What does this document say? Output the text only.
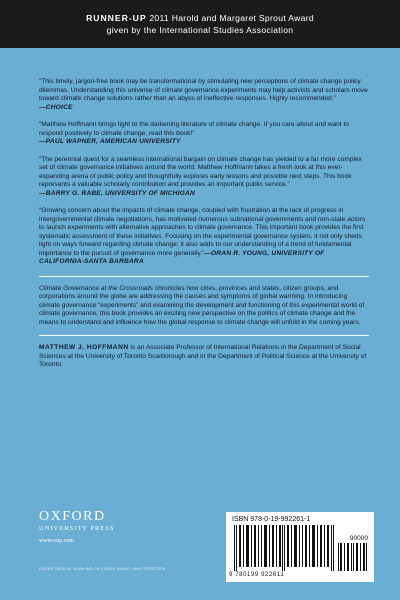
RUNNER-UP 2011 Harold and Margaret Sprout Award
given by the International Studies Association
“This timely, jargon-free book may be transformational by stimulating new perceptions of climate change policy dilemmas. Understanding this universe of climate governance experiments may help activists and scholars move toward climate change solutions rather than an abyss of ineffective responses. Highly recommended.”
—CHOICE
“Matthew Hoffmann brings light to the darkening literature of climate change. If you care about and want to respond positively to climate change, read this book!”
—PAUL WAPNER, AMERICAN UNIVERSITY
“The perennial quest for a seamless international bargain on climate change has yielded to a far more complex set of climate governance initiatives around the world. Matthew Hoffmann takes a fresh look at this ever-expanding arena of public policy and thoughtfully explores early lessons and possible next steps. This book represents a valuable scholarly contribution and provides an important public service.”
—BARRY G. RABE, UNIVERSITY OF MICHIGAN
“Growing concern about the impacts of climate change, coupled with frustration at the lack of progress in intergovernmental climate negotiations, has motivated numerous subnational governments and non-state actors to launch experiments with alternative approaches to climate governance. This important book provides the first systematic assessment of these initiatives. Focusing on the experimental governance system, it not only sheds light on ways forward regarding climate change; it also adds to our understanding of a trend of fundamental importance to the pursuit of governance more generally.”—ORAN R. YOUNG, UNIVERSITY OF CALIFORNIA-SANTA BARBARA
Climate Governance at the Crossroads chronicles how cities, provinces and states, citizen groups, and corporations around the globe are addressing the causes and symptoms of global warming. In introducing climate governance “experiments” and examining the development and functioning of this experimental world of climate governance, this book provides an exciting new perspective on the politics of climate change and the means to understand and influence how the global response to climate change will unfold in the coming years.
MATTHEW J. HOFFMANN is an Associate Professor of International Relations in the Department of Social Sciences at the University of Toronto Scarborough and in the Department of Political Science at the University of Toronto.
OXFORD
UNIVERSITY PRESS
www.oup.com
COVER DESIGN: NOAH BELCH COVER IMAGE: SHUTTERSTOCK
ISBN 978-0-19-992261-1
90000
9 780199 922611
